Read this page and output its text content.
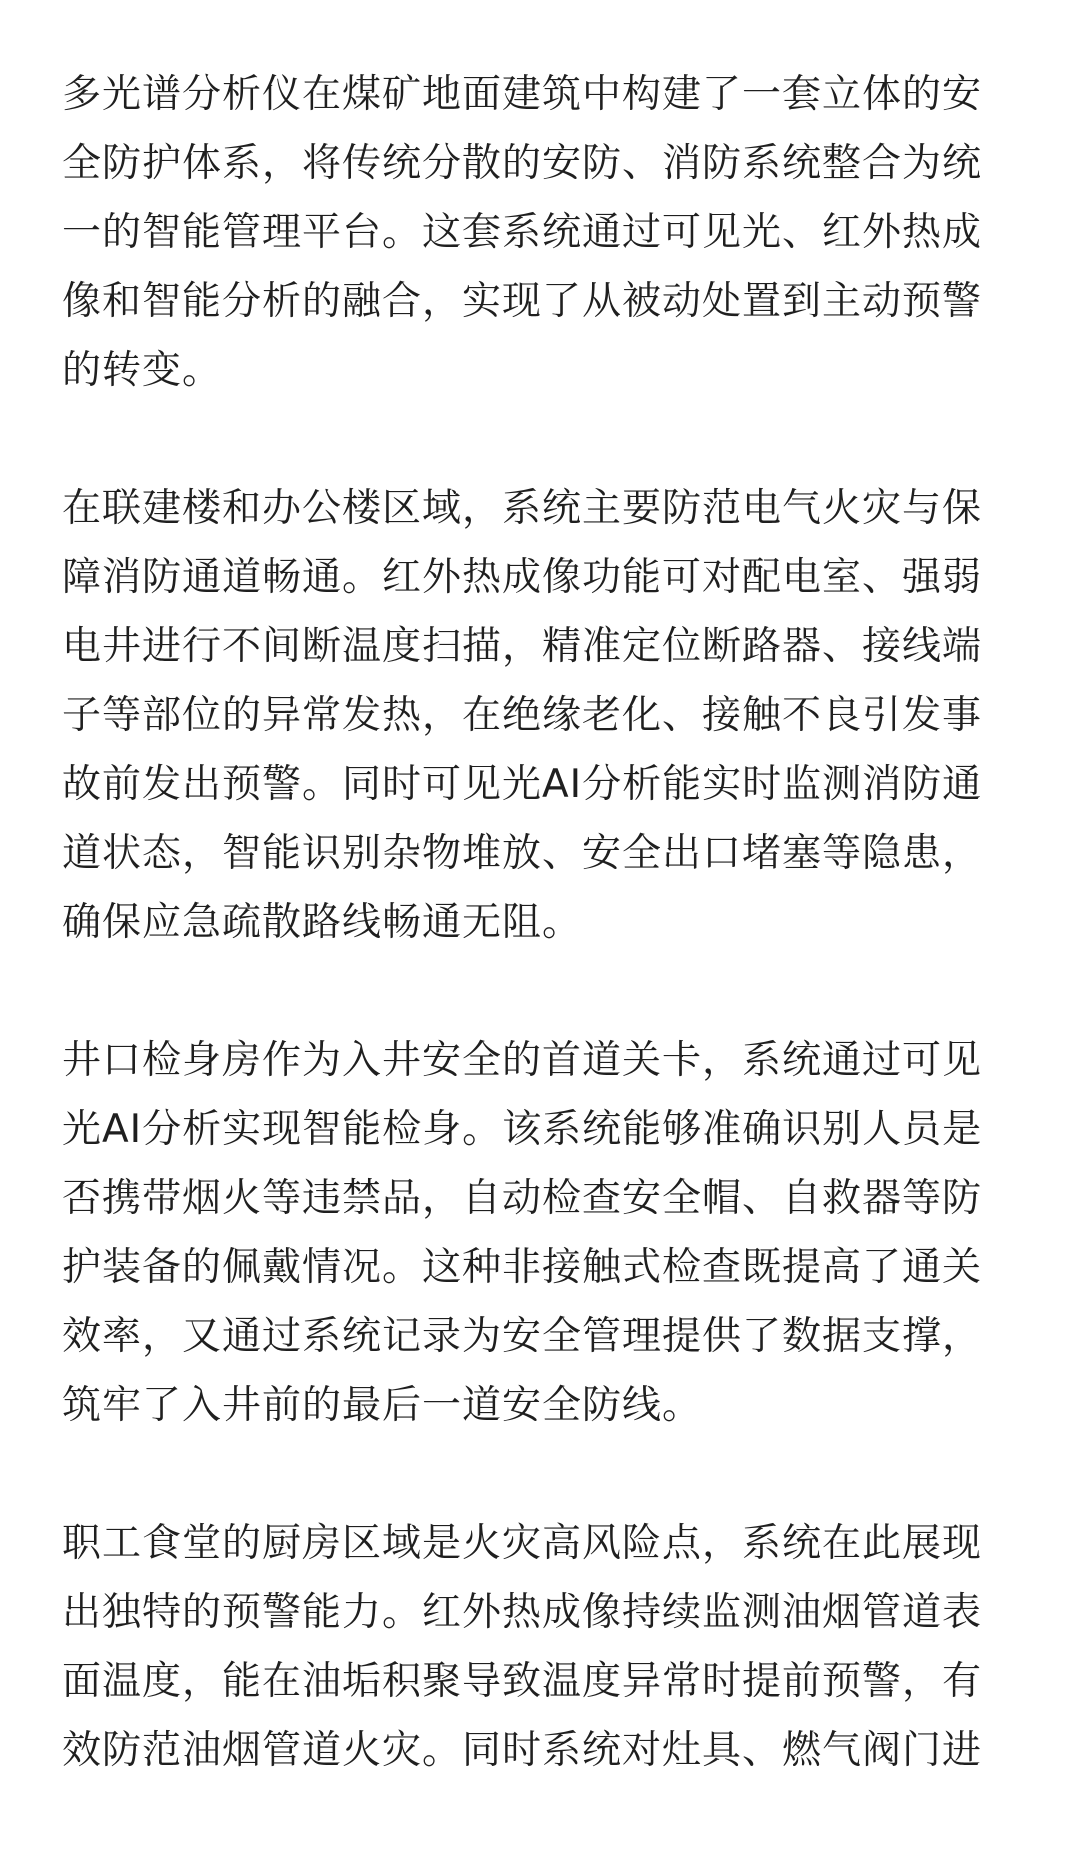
多光谱分析仪在煤矿地面建筑中构建了一套立体的安
全防护体系，将传统分散的安防、消防系统整合为统
一的智能管理平台。这套系统通过可见光、红外热成
像和智能分析的融合，实现了从被动处置到主动预警
的转变。

在联建楼和办公楼区域，系统主要防范电气火灾与保
障消防通道畅通。红外热成像功能可对配电室、强弱
电井进行不间断温度扫描，精准定位断路器、接线端
子等部位的异常发热，在绝缘老化、接触不良引发事
故前发出预警。同时可见光AI分析能实时监测消防通
道状态，智能识别杂物堆放、安全出口堵塞等隐患，
确保应急疏散路线畅通无阻。

井口检身房作为入井安全的首道关卡，系统通过可见
光AI分析实现智能检身。该系统能够准确识别人员是
否携带烟火等违禁品，自动检查安全帽、自救器等防
护装备的佩戴情况。这种非接触式检查既提高了通关
效率，又通过系统记录为安全管理提供了数据支撑，
筑牢了入井前的最后一道安全防线。

职工食堂的厨房区域是火灾高风险点，系统在此展现
出独特的预警能力。红外热成像持续监测油烟管道表
面温度，能在油垢积聚导致温度异常时提前预警，有
效防范油烟管道火灾。同时系统对灶具、燃气阀门进
